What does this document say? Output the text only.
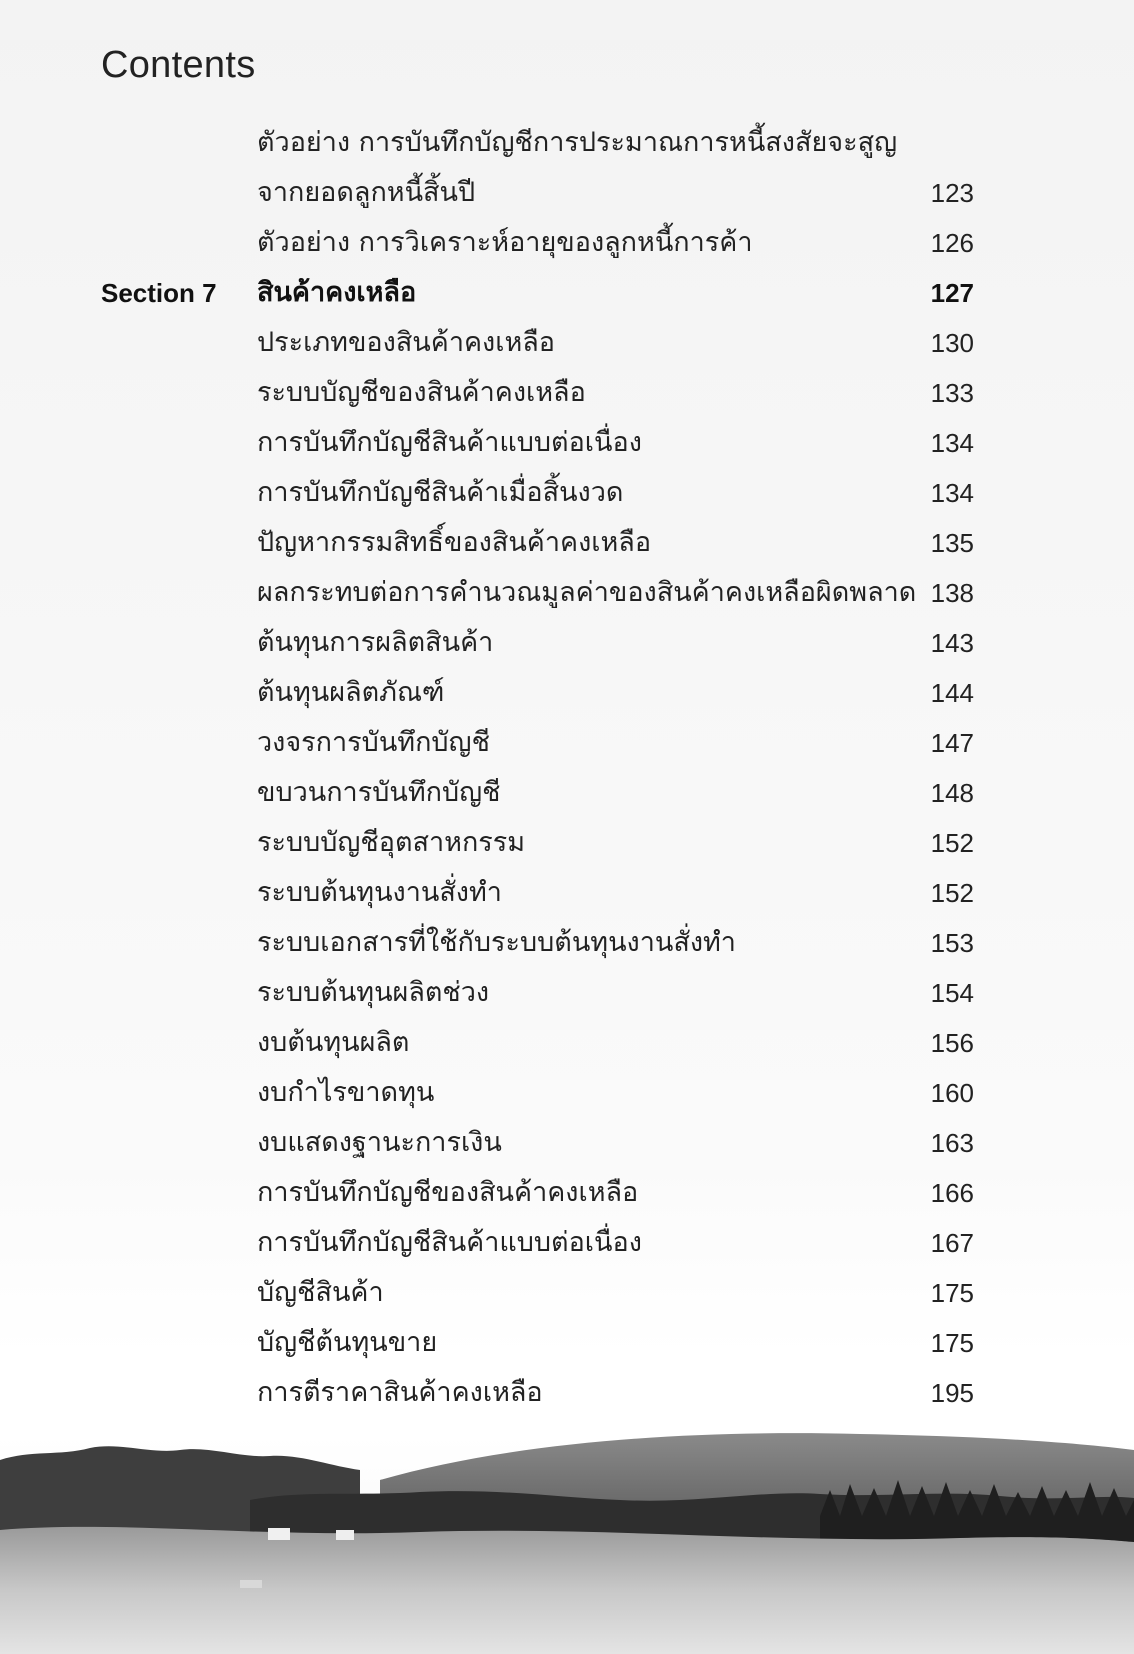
Contents
ตัวอย่าง การบันทึกบัญชีการประมาณการหนี้สงสัยจะสูญ
จากยอดลูกหนี้สิ้นปี	123
ตัวอย่าง การวิเคราะห์อายุของลูกหนี้การค้า	126
Section 7 สินค้าคงเหลือ	127
ประเภทของสินค้าคงเหลือ	130
ระบบบัญชีของสินค้าคงเหลือ	133
การบันทึกบัญชีสินค้าแบบต่อเนื่อง	134
การบันทึกบัญชีสินค้าเมื่อสิ้นงวด	134
ปัญหากรรมสิทธิ์ของสินค้าคงเหลือ	135
ผลกระทบต่อการคำนวณมูลค่าของสินค้าคงเหลือผิดพลาด 138
ต้นทุนการผลิตสินค้า	143
ต้นทุนผลิตภัณฑ์	144
วงจรการบันทึกบัญชี	147
ขบวนการบันทึกบัญชี	148
ระบบบัญชีอุตสาหกรรม	152
ระบบต้นทุนงานสั่งทำ	152
ระบบเอกสารที่ใช้กับระบบต้นทุนงานสั่งทำ	153
ระบบต้นทุนผลิตช่วง	154
งบต้นทุนผลิต	156
งบกำไรขาดทุน	160
งบแสดงฐานะการเงิน	163
การบันทึกบัญชีของสินค้าคงเหลือ	166
การบันทึกบัญชีสินค้าแบบต่อเนื่อง	167
บัญชีสินค้า	175
บัญชีต้นทุนขาย	175
การตีราคาสินค้าคงเหลือ	195
